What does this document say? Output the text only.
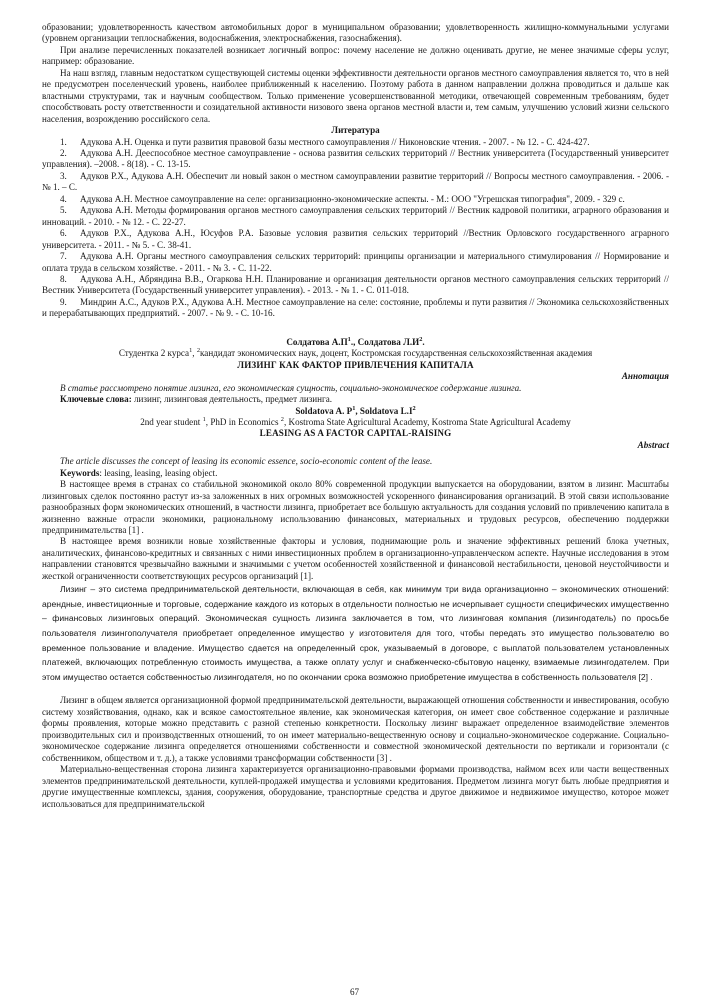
образовании; удовлетворенность качеством автомобильных дорог в муниципальном образовании; удовлетворенность жилищно-коммунальными услугами (уровнем организации теплоснабжения, водоснабжения, электроснабжения, газоснабжения).

При анализе перечисленных показателей возникает логичный вопрос: почему население не должно оценивать другие, не менее значимые сферы услуг, например: образование.

На наш взгляд, главным недостатком существующей системы оценки эффективности деятельности органов местного самоуправления является то, что в ней не предусмотрен поселенческий уровень, наиболее приближенный к населению. Поэтому работа в данном направлении должна проводиться и дальше как властными структурами, так и научным сообществом. Только применение усовершенствованной методики, отвечающей современным требованиям, будет способствовать росту ответственности и созидательной активности низового звена органов местной власти и, тем самым, улучшению условий жизни сельского населения, возрождению российского села.

Литература

1. Адукова А.Н. Оценка и пути развития правовой базы местного самоуправления // Никоновские чтения. - 2007. - № 12. - С. 424-427.

2. Адукова А.Н. Дееспособное местное самоуправление - основа развития сельских территорий // Вестник университета (Государственный университет управления). –2008. - 8(18). - С. 13-15.

3. Адуков Р.Х., Адукова А.Н. Обеспечит ли новый закон о местном самоуправлении развитие территорий // Вопросы местного самоуправления. - 2006. - № 1. – С.

4. Адукова А.Н. Местное самоуправление на селе: организационно-экономические аспекты. - М.: ООО "Угрешская типография", 2009. - 329 с.

5. Адукова А.Н. Методы формирования органов местного самоуправления сельских территорий // Вестник кадровой политики, аграрного образования и инноваций. - 2010. - № 12. - С. 22-27.

6. Адуков Р.Х., Адукова А.Н., Юсуфов Р.А. Базовые условия развития сельских территорий //Вестник Орловского государственного аграрного университета. - 2011. - № 5. - С. 38-41.

7. Адукова А.Н. Органы местного самоуправления сельских территорий: принципы организации и материального стимулирования // Нормирование и оплата труда в сельском хозяйстве. - 2011. - № 3. - С. 11-22.

8. Адукова А.Н., Абряндина В.В., Огаркова Н.Н. Планирование и организация деятельности органов местного самоуправления сельских территорий // Вестник Университета (Государственный университет управления). - 2013. - № 1. - С. 011-018.

9. Миндрин А.С., Адуков Р.Х., Адукова А.Н. Местное самоуправление на селе: состояние, проблемы и пути развития // Экономика сельскохозяйственных и перерабатывающих предприятий. - 2007. - № 9. - С. 10-16.

Солдатова $А.П^1$., Солдатова $Л.И^2$.

Студентка 2 курса$^1$, $^2$кандидат экономических наук, доцент, Костромская государственная сельскохозяйственная академия

ЛИЗИНГ КАК ФАКТОР ПРИВЛЕЧЕНИЯ КАПИТАЛА

Аннотация

В статье рассмотрено понятие лизинга, его экономическая сущность, социально-экономическое содержание лизинга.

Ключевые слова: лизинг, лизинговая деятельность, предмет лизинга.

Soldatova A. $P^1$, Soldatova $L.I^2$

2nd year student $^1$, PhD in Economics $^2$, Kostroma State Agricultural Academy, Kostroma State Agricultural Academy

LEASING AS A FACTOR CAPITAL-RAISING

Abstract

The article discusses the concept of leasing its economic essence, socio-economic content of the lease.

Keywords: leasing, leasing, leasing object.

В настоящее время в странах со стабильной экономикой около 80% современной продукции выпускается на оборудовании, взятом в лизинг. Масштабы лизинговых сделок постоянно растут из-за заложенных в них огромных возможностей ускоренного финансирования организаций. В этой связи использование разнообразных форм экономических отношений, в частности лизинга, приобретает все большую актуальность для создания условий по привлечению капитала в жизненно важные отрасли экономики, рациональному использованию финансовых, материальных и трудовых ресурсов, обеспечению поддержки предпринимательства [1] .

В настоящее время возникли новые хозяйственные факторы и условия, поднимающие роль и значение эффективных решений блока учетных, аналитических, финансово-кредитных и связанных с ними инвестиционных проблем в организационно-управленческом аспекте. Научные исследования в этом направлении становятся чрезвычайно важными и значимыми с учетом особенностей хозяйственной и финансовой нестабильности, ценовой неустойчивости и жесткой ограниченности соответствующих ресурсов организаций [1].

Лизинг – это система предпринимательской деятельности, включающая в себя, как минимум три вида организационно – экономических отношений: арендные, инвестиционные и торговые, содержание каждого из которых в отдельности полностью не исчерпывает сущности специфических имущественно – финансовых лизинговых операций. Экономическая сущность лизинга заключается в том, что лизинговая компания (лизингодатель) по просьбе пользователя лизингополучателя приобретает определенное имущество у изготовителя для того, чтобы передать это имущество пользователю во временное пользование и владение. Имущество сдается на определенный срок, указываемый в договоре, с выплатой пользователем установленных платежей, включающих потребленную стоимость имущества, а также оплату услуг и снабженческо-сбытовую наценку, взимаемые лизингодателем. При этом имущество остается собственностью лизингодателя, но по окончании срока возможно приобретение имущества в собственность пользователя [2] .

Лизинг в общем является организационной формой предпринимательской деятельности, выражающей отношения собственности и инвестирования, особую систему хозяйствования, однако, как и всякое самостоятельное явление, как экономическая категория, он имеет свое собственное содержание и различные формы проявления, которые можно представить с разной степенью конкретности. Поскольку лизинг выражает определенное взаимодействие элементов производительных сил и производственных отношений, то он имеет материально-вещественную основу и социально-экономическое содержание. Социально-экономическое содержание лизинга определяется отношениями собственности и совместной экономической деятельности по вертикали и горизонтали (с собственником, обществом и т. д.), а также условиями трансформации собственности [3] .

Материально-вещественная сторона лизинга характеризуется организационно-правовыми формами производства, наймом всех или части вещественных элементов предпринимательской деятельности, куплей-продажей имущества и условиями кредитования. Предметом лизинга могут быть любые предприятия и другие имущественные комплексы, здания, сооружения, оборудование, транспортные средства и другое движимое и недвижимое имущество, которое может использоваться для предпринимательской

67
